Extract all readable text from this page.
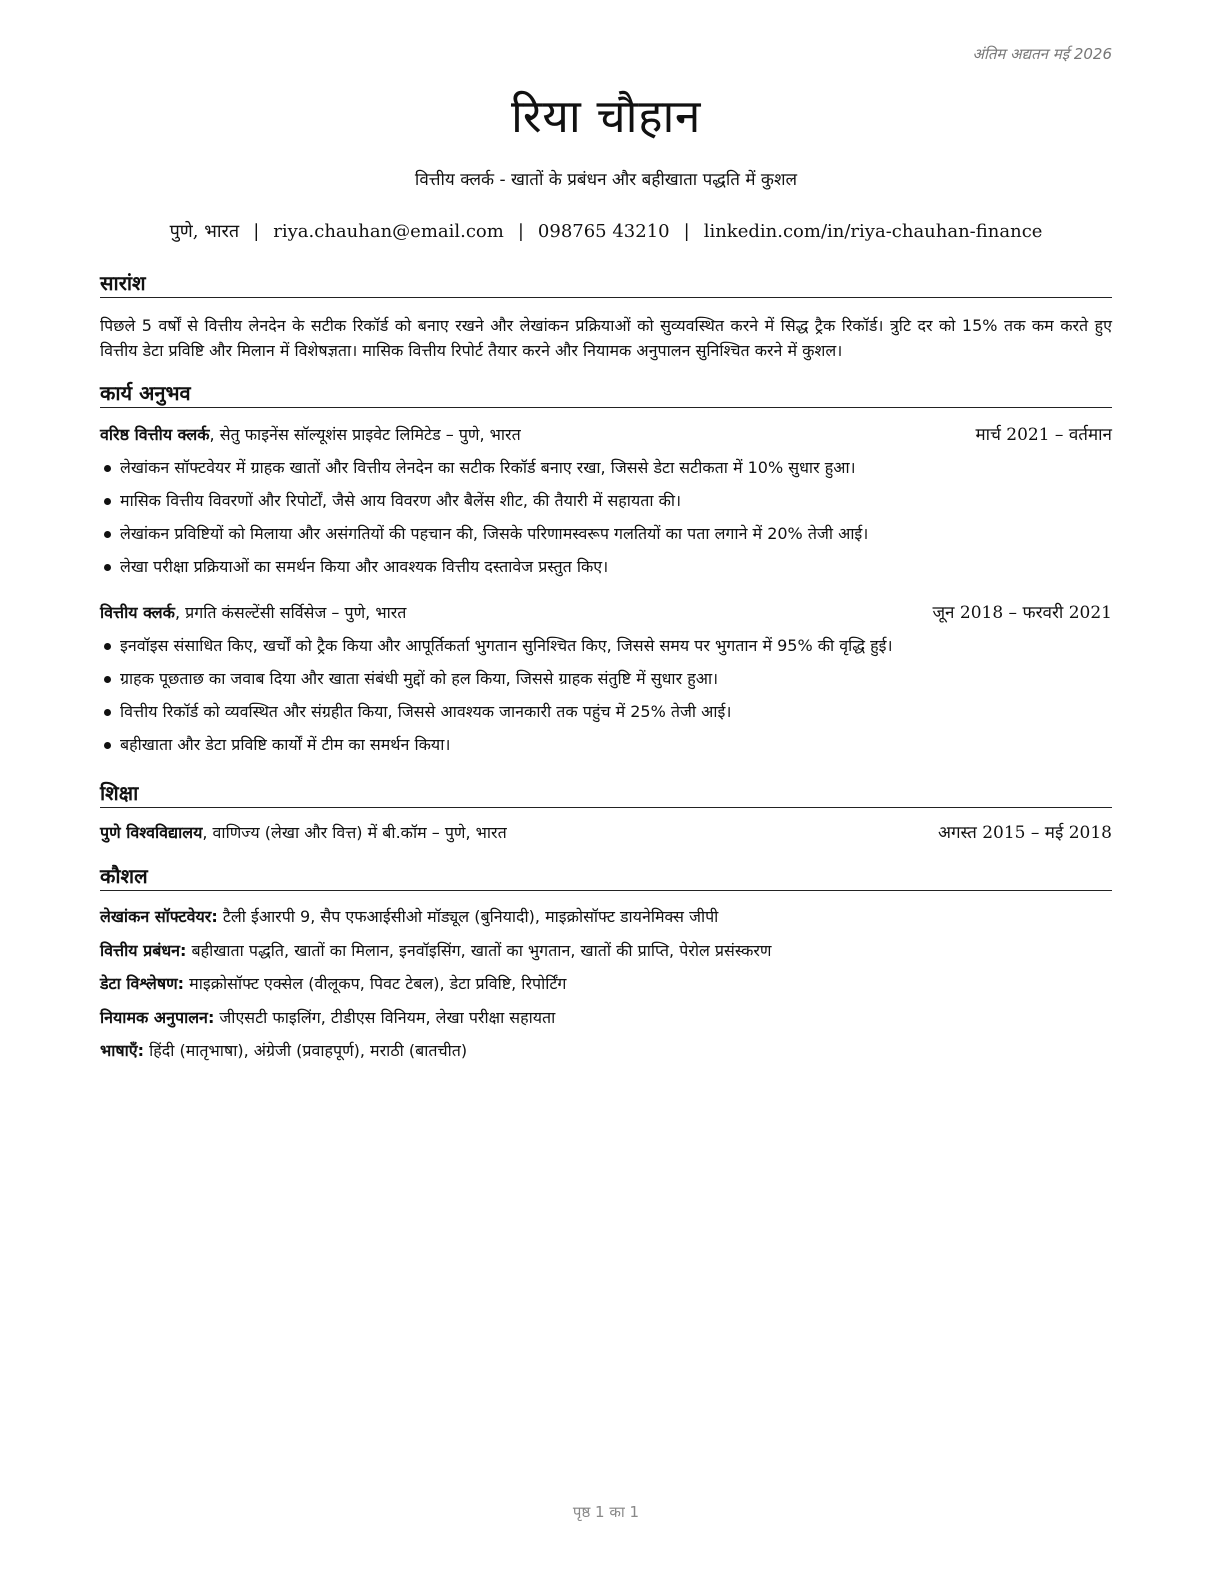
अंतिम अद्यतन मई 2026
रिया चौहान
वित्तीय क्लर्क - खातों के प्रबंधन और बहीखाता पद्धति में कुशल
पुणे, भारत | riya.chauhan@email.com | 098765 43210 | linkedin.com/in/riya-chauhan-finance
सारांश
पिछले 5 वर्षों से वित्तीय लेनदेन के सटीक रिकॉर्ड को बनाए रखने और लेखांकन प्रक्रियाओं को सुव्यवस्थित करने में सिद्ध ट्रैक रिकॉर्ड। त्रुटि दर को 15% तक कम करते हुए वित्तीय डेटा प्रविष्टि और मिलान में विशेषज्ञता। मासिक वित्तीय रिपोर्ट तैयार करने और नियामक अनुपालन सुनिश्चित करने में कुशल।
कार्य अनुभव
वरिष्ठ वित्तीय क्लर्क, सेतु फाइनेंस सॉल्यूशंस प्राइवेट लिमिटेड – पुणे, भारत	मार्च 2021 – वर्तमान
लेखांकन सॉफ्टवेयर में ग्राहक खातों और वित्तीय लेनदेन का सटीक रिकॉर्ड बनाए रखा, जिससे डेटा सटीकता में 10% सुधार हुआ।
मासिक वित्तीय विवरणों और रिपोर्टों, जैसे आय विवरण और बैलेंस शीट, की तैयारी में सहायता की।
लेखांकन प्रविष्टियों को मिलाया और असंगतियों की पहचान की, जिसके परिणामस्वरूप गलतियों का पता लगाने में 20% तेजी आई।
लेखा परीक्षा प्रक्रियाओं का समर्थन किया और आवश्यक वित्तीय दस्तावेज प्रस्तुत किए।
वित्तीय क्लर्क, प्रगति कंसल्टेंसी सर्विसेज – पुणे, भारत	जून 2018 – फरवरी 2021
इनवॉइस संसाधित किए, खर्चों को ट्रैक किया और आपूर्तिकर्ता भुगतान सुनिश्चित किए, जिससे समय पर भुगतान में 95% की वृद्धि हुई।
ग्राहक पूछताछ का जवाब दिया और खाता संबंधी मुद्दों को हल किया, जिससे ग्राहक संतुष्टि में सुधार हुआ।
वित्तीय रिकॉर्ड को व्यवस्थित और संग्रहीत किया, जिससे आवश्यक जानकारी तक पहुंच में 25% तेजी आई।
बहीखाता और डेटा प्रविष्टि कार्यों में टीम का समर्थन किया।
शिक्षा
पुणे विश्वविद्यालय, वाणिज्य (लेखा और वित्त) में बी.कॉम – पुणे, भारत	अगस्त 2015 – मई 2018
कौशल
लेखांकन सॉफ्टवेयर: टैली ईआरपी 9, सैप एफआईसीओ मॉड्यूल (बुनियादी), माइक्रोसॉफ्ट डायनेमिक्स जीपी
वित्तीय प्रबंधन: बहीखाता पद्धति, खातों का मिलान, इनवॉइसिंग, खातों का भुगतान, खातों की प्राप्ति, पेरोल प्रसंस्करण
डेटा विश्लेषण: माइक्रोसॉफ्ट एक्सेल (वीलूकप, पिवट टेबल), डेटा प्रविष्टि, रिपोर्टिंग
नियामक अनुपालन: जीएसटी फाइलिंग, टीडीएस विनियम, लेखा परीक्षा सहायता
भाषाएँ: हिंदी (मातृभाषा), अंग्रेजी (प्रवाहपूर्ण), मराठी (बातचीत)
पृष्ठ 1 का 1
